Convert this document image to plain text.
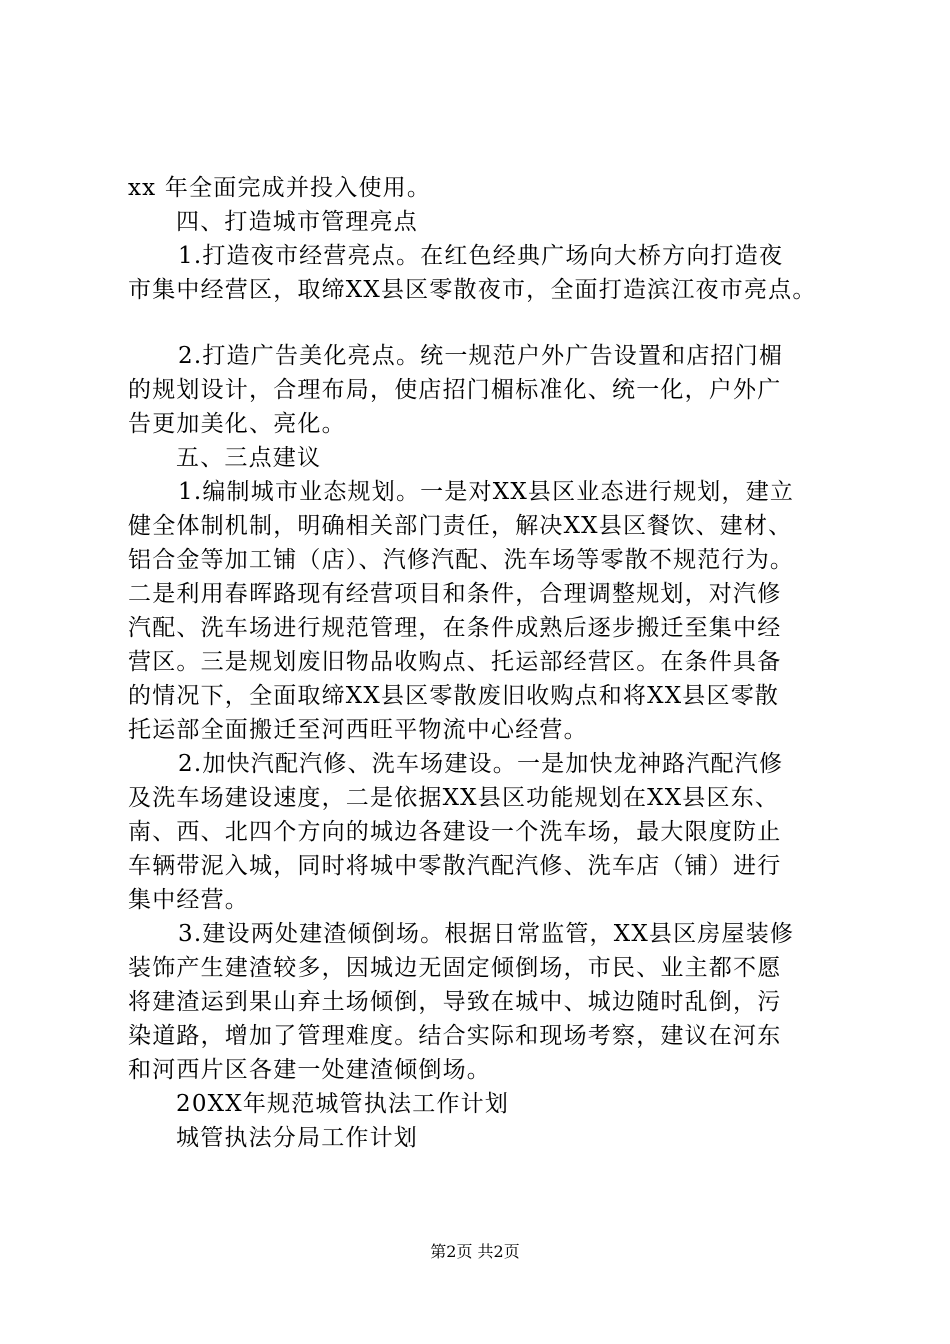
xx 年全面完成并投入使用。
四、打造城市管理亮点
1.打造夜市经营亮点。在红色经典广场向大桥方向打造夜
市集中经营区，取缔XX县区零散夜市，全面打造滨江夜市亮点。
2.打造广告美化亮点。统一规范户外广告设置和店招门楣
的规划设计，合理布局，使店招门楣标准化、统一化，户外广
告更加美化、亮化。
五、三点建议
1.编制城市业态规划。一是对XX县区业态进行规划，建立
健全体制机制，明确相关部门责任，解决XX县区餐饮、建材、
铝合金等加工铺（店）、汽修汽配、洗车场等零散不规范行为。
二是利用春晖路现有经营项目和条件，合理调整规划，对汽修
汽配、洗车场进行规范管理，在条件成熟后逐步搬迁至集中经
营区。三是规划废旧物品收购点、托运部经营区。在条件具备
的情况下，全面取缔XX县区零散废旧收购点和将XX县区零散
托运部全面搬迁至河西旺平物流中心经营。
2.加快汽配汽修、洗车场建设。一是加快龙神路汽配汽修
及洗车场建设速度，二是依据XX县区功能规划在XX县区东、
南、西、北四个方向的城边各建设一个洗车场，最大限度防止
车辆带泥入城，同时将城中零散汽配汽修、洗车店（铺）进行
集中经营。
3.建设两处建渣倾倒场。根据日常监管，XX县区房屋装修
装饰产生建渣较多，因城边无固定倾倒场，市民、业主都不愿
将建渣运到果山弃土场倾倒，导致在城中、城边随时乱倒，污
染道路，增加了管理难度。结合实际和现场考察，建议在河东
和河西片区各建一处建渣倾倒场。
20XX年规范城管执法工作计划
城管执法分局工作计划
第2页 共2页
